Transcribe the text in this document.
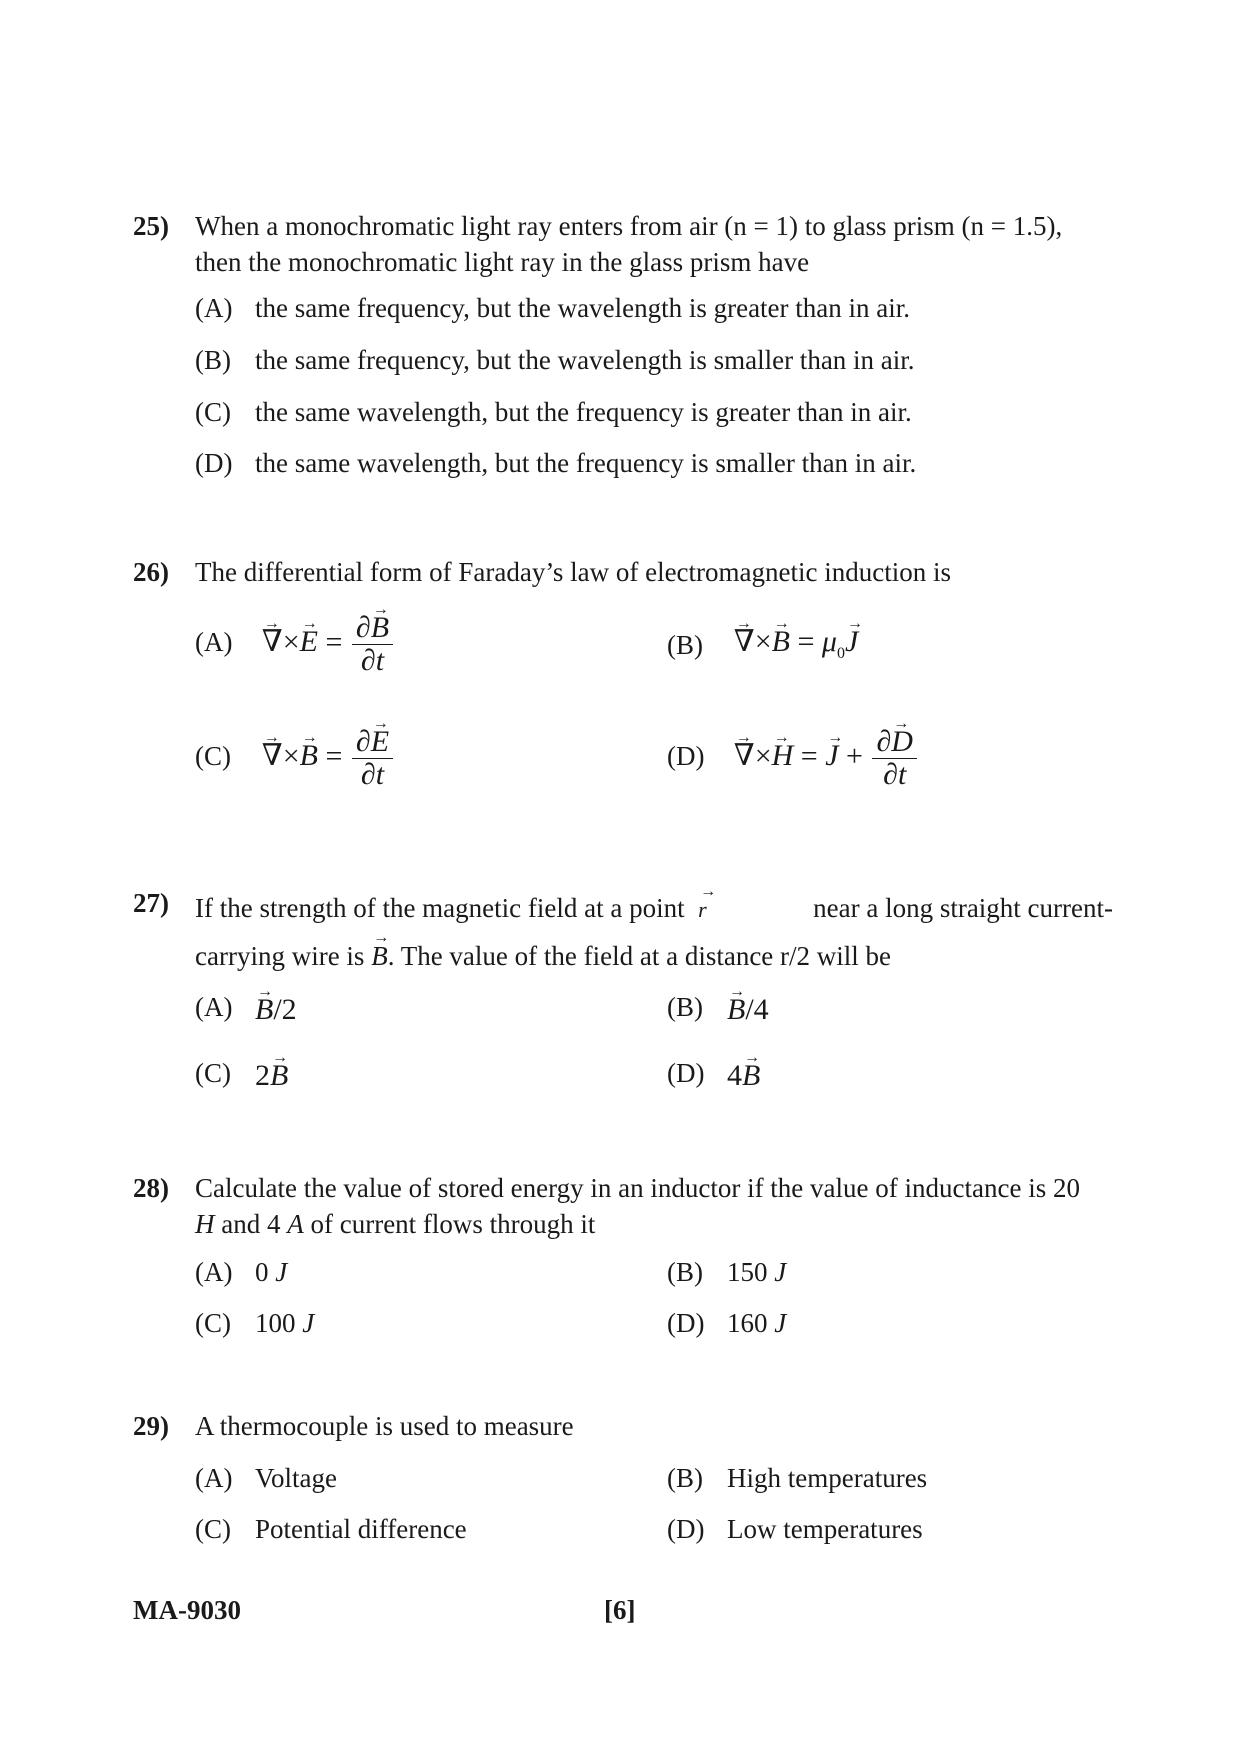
25) When a monochromatic light ray enters from air (n = 1) to glass prism (n = 1.5),
then the monochromatic light ray in the glass prism have
(A) the same frequency, but the wavelength is greater than in air.
(B) the same frequency, but the wavelength is smaller than in air.
(C) the same wavelength, but the frequency is greater than in air.
(D) the same wavelength, but the frequency is smaller than in air.
26) The differential form of Faraday’s law of electromagnetic induction is
(A) → ∇×→ $E = \frac{\partial\to B}{\partial t}$	(B) → ∇×→ $B = \mu_0\to J$
(C) → ∇×→ $B = \frac{\partial\to E}{\partial t}$	(D) → ∇×→ H = → $J + \frac{\partial\to D}{\partial t}$
27) If the strength of the magnetic field at a point → r	near a long straight current-
carrying wire is → B. The value of the field at a distance r/2 will be
(A) → B/2	(B) → B/4
(C) 2→ B	(D) 4→ B
28) Calculate the value of stored energy in an inductor if the value of inductance is 20
H and 4 A of current flows through it
(A) 0 J	(B) 150 J
(C) 100 J	(D) 160 J
29) A thermocouple is used to measure
(A) Voltage	(B) High temperatures
(C) Potential difference	(D) Low temperatures
MA-9030	[6]
